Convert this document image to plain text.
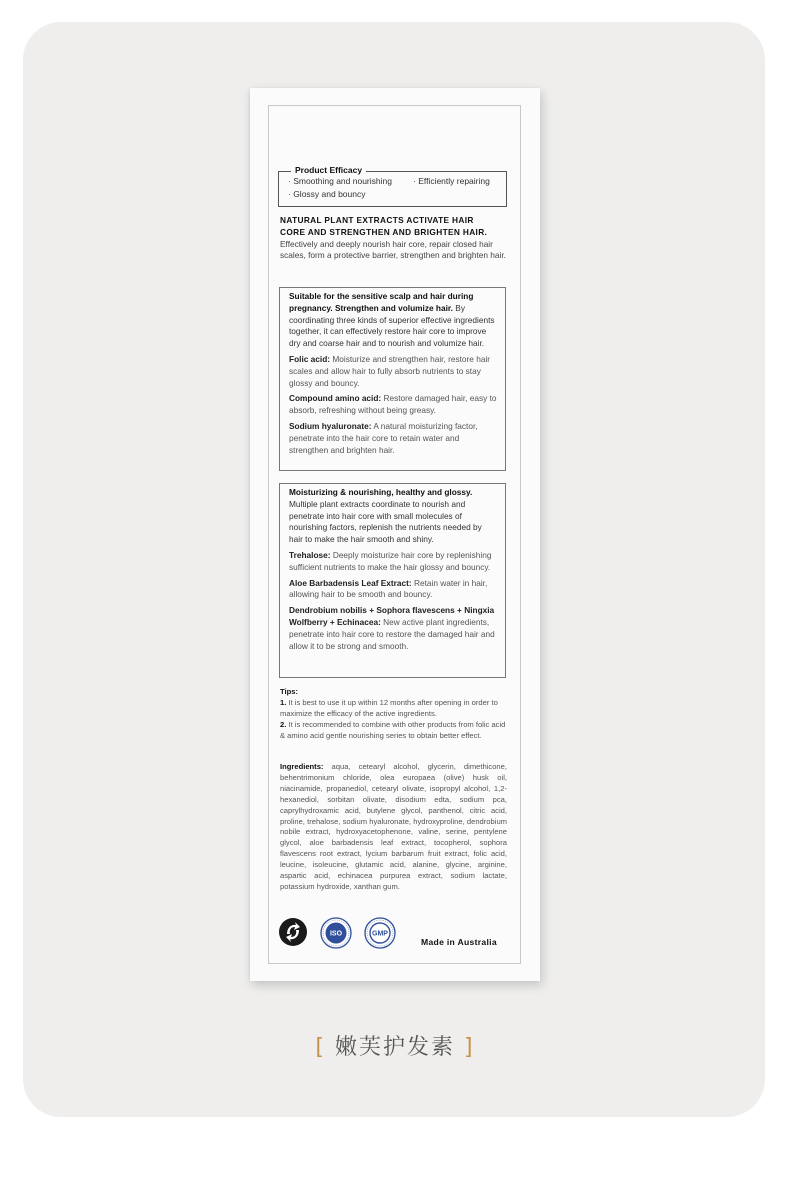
Product Efficacy
· Smoothing and nourishing · Efficiently repairing
· Glossy and bouncy
NATURAL PLANT EXTRACTS ACTIVATE HAIR
CORE AND STRENGTHEN AND BRIGHTEN HAIR.
Effectively and deeply nourish hair core, repair closed hair scales, form a protective barrier, strengthen and brighten hair.

Suitable for the sensitive scalp and hair during pregnancy. Strengthen and volumize hair. By coordinating three kinds of superior effective ingredients together, it can effectively restore hair core to improve dry and coarse hair and to nourish and volumize hair.

Folic acid: Moisturize and strengthen hair, restore hair scales and allow hair to fully absorb nutrients to stay glossy and bouncy.

Compound amino acid: Restore damaged hair, easy to absorb, refreshing without being greasy.

Sodium hyaluronate: A natural moisturizing factor, penetrate into the hair core to retain water and strengthen and brighten hair.

Moisturizing & nourishing, healthy and glossy. Multiple plant extracts coordinate to nourish and penetrate into hair core with small molecules of nourishing factors, replenish the nutrients needed by hair to make the hair smooth and shiny.

Trehalose: Deeply moisturize hair core by replenishing sufficient nutrients to make the hair glossy and bouncy.

Aloe Barbadensis Leaf Extract: Retain water in hair, allowing hair to be smooth and bouncy.

Dendrobium nobilis + Sophora flavescens + Ningxia Wolfberry + Echinacea: New active plant ingredients, penetrate into hair core to restore the damaged hair and allow it to be strong and smooth.

Tips:

1. It is best to use it up within 12 months after opening in order to maximize the efficacy of the active ingredients.

2. It is recommended to combine with other products from folic acid & amino acid gentle nourishing series to obtain better effect.

Ingredients: aqua, cetearyl alcohol, glycerin, dimethicone, behentrimonium chloride, olea europaea (olive) husk oil, niacinamide, propanediol, cetearyl olivate, isopropyl alcohol, 1,2-hexanediol, sorbitan olivate, disodium edta, sodium pca, caprylhydroxamic acid, butylene glycol, panthenol, citric acid, proline, trehalose, sodium hyaluronate, hydroxyproline, dendrobium nobile extract, hydroxyacetophenone, valine, serine, pentylene glycol, aloe barbadensis leaf extract, tocopherol, sophora flavescens root extract, lycium barbarum fruit extract, folic acid, leucine, isoleucine, glutamic acid, alanine, glycine, arginine, aspartic acid, echinacea purpurea extract, sodium lactate, potassium hydroxide, xanthan gum.
ISO	GMP
Made in Australia
[ 嫩芙护发素 ]
